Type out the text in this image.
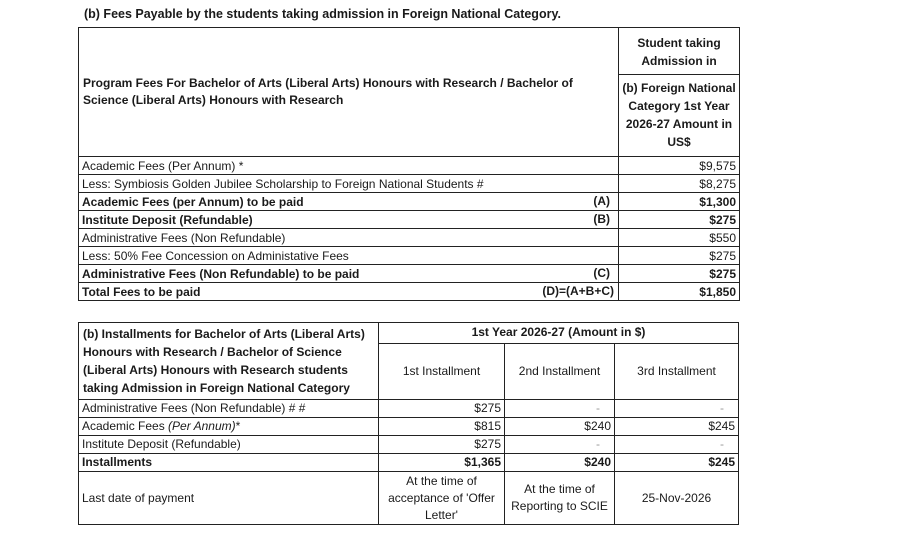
(b) Fees Payable by the students taking admission in Foreign National Category.
Program Fees For Bachelor of Arts (Liberal Arts) Honours with Research / Bachelor of Science (Liberal Arts) Honours with Research	Student taking Admission in
(b) Foreign National Category 1st Year 2026-27 Amount in US$

Academic Fees (Per Annum) *	$9,575
Less: Symbiosis Golden Jubilee Scholarship to Foreign National Students #	$8,275
Academic Fees (per Annum) to be paid (A)	$1,300
Institute Deposit (Refundable) (B)	$275
Administrative Fees (Non Refundable)	$550
Less: 50% Fee Concession on Administative Fees	$275
Administrative Fees (Non Refundable) to be paid (C)	$275
Total Fees to be paid (D)=(A+B+C)	$1,850
(b) Installments for Bachelor of Arts (Liberal Arts) Honours with Research / Bachelor of Science (Liberal Arts) Honours with Research students taking Admission in Foreign National Category	1st Year 2026-27 (Amount in $)		
	1st Installment	2nd Installment	3rd Installment
Administrative Fees (Non Refundable) # #	$275	-	-
Academic Fees (Per Annum)*	$815	$240	$245
Institute Deposit (Refundable)	$275	-	-
Installments	$1,365	$240	$245
Last date of payment	At the time of acceptance of 'Offer Letter'	At the time of Reporting to SCIE	25-Nov-2026
